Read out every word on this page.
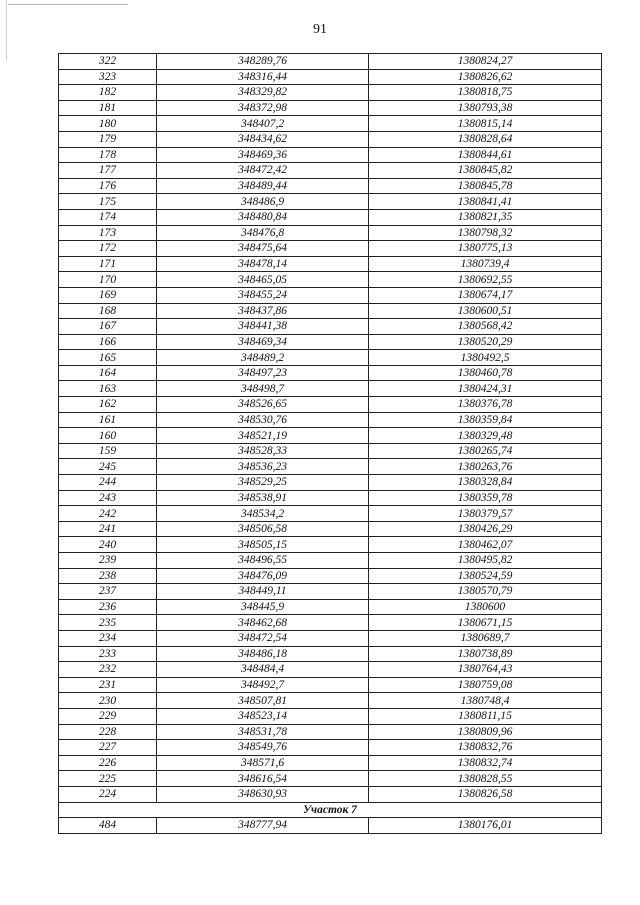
91
322	348289,76	1380824,27
323	348316,44	1380826,62
182	348329,82	1380818,75
181	348372,98	1380793,38
180	348407,2	1380815,14
179	348434,62	1380828,64
178	348469,36	1380844,61
177	348472,42	1380845,82
176	348489,44	1380845,78
175	348486,9	1380841,41
174	348480,84	1380821,35
173	348476,8	1380798,32
172	348475,64	1380775,13
171	348478,14	1380739,4
170	348465,05	1380692,55
169	348455,24	1380674,17
168	348437,86	1380600,51
167	348441,38	1380568,42
166	348469,34	1380520,29
165	348489,2	1380492,5
164	348497,23	1380460,78
163	348498,7	1380424,31
162	348526,65	1380376,78
161	348530,76	1380359,84
160	348521,19	1380329,48
159	348528,33	1380265,74
245	348536,23	1380263,76
244	348529,25	1380328,84
243	348538,91	1380359,78
242	348534,2	1380379,57
241	348506,58	1380426,29
240	348505,15	1380462,07
239	348496,55	1380495,82
238	348476,09	1380524,59
237	348449,11	1380570,79
236	348445,9	1380600
235	348462,68	1380671,15
234	348472,54	1380689,7
233	348486,18	1380738,89
232	348484,4	1380764,43
231	348492,7	1380759,08
230	348507,81	1380748,4
229	348523,14	1380811,15
228	348531,78	1380809,96
227	348549,76	1380832,76
226	348571,6	1380832,74
225	348616,54	1380828,55
224	348630,93	1380826,58
Участок 7		
484	348777,94	1380176,01
